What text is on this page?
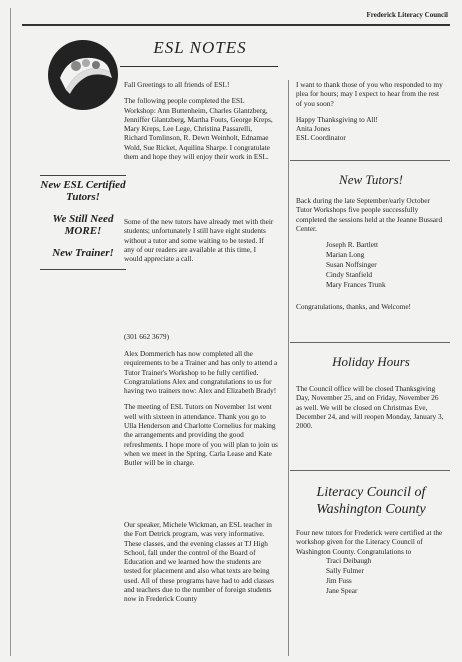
Frederick Literacy Council
ESL NOTES

Fall Greetings to all friends of ESL!

The following people completed the ESL Workshop: Ann Buttenheim, Charles Glantzberg, Jenniffer Glantzberg, Martha Fouts, George Kreps, Mary Kreps, Lee Lege, Christina Passarelli, Richard Tomlinson, R. Dewn Weinholt, Ednamae Wold, Sue Ricket, Aquilina Sharpe. I congratulate them and hope they will enjoy their work in ESL.

Some of the new tutors have already met with their students; unfortunately I still have eight students without a tutor and some waiting to be tested. If any of our readers are available at this time, I would appreciate a call.

(301 662 3679)
New ESL Certified Tutors!
We Still Need MORE!
New Trainer!

Alex Dommerich has now completed all the requirements to be a Trainer and has only to attend a Tutor Trainer's Workshop to be fully certified. Congratulations Alex and congratulations to us for having two trainers now: Alex and Elizabeth Brady!

The meeting of ESL Tutors on November 1st went well with sixteen in attendance. Thank you go to Ulla Henderson and Charlotte Cornelius for making the arrangements and providing the good refreshments. I hope more of you will plan to join us when we meet in the Spring. Carla Lease and Kate Butler will be in charge.

Our speaker, Michele Wickman, an ESL teacher in the Fort Detrick program, was very informative. These classes, and the evening classes at TJ High School, fall under the control of the Board of Education and we learned how the students are tested for placement and also what texts are being used. All of these programs have had to add classes and teachers due to the number of foreign students now in Frederick County

I want to thank those of you who responded to my plea for hours; may I expect to hear from the rest of you soon?

Happy Thanksgiving to All!
Anita Jones
ESL Coordinator
New Tutors!

Back during the late September/early October Tutor Workshops five people successfully completed the sessions held at the Jeanne Bussard Center.

Joseph R. Bartlett
Marian Long
Susan Noffsinger
Cindy Stanfield
Mary Frances Trunk

Congratulations, thanks, and Welcome!

Holiday Hours

The Council office will be closed Thanksgiving Day, November 25, and on Friday, November 26 as well. We will be closed on Christmas Eve, December 24, and will reopen Monday, January 3, 2000.

Literacy Council of
Washington County

Four new tutors for Frederick were certified at the workshop given for the Literacy Council of Washington County. Congratulations to

Traci Deibaugh
Sally Fulmer
Jim Fuss
Jane Spear
